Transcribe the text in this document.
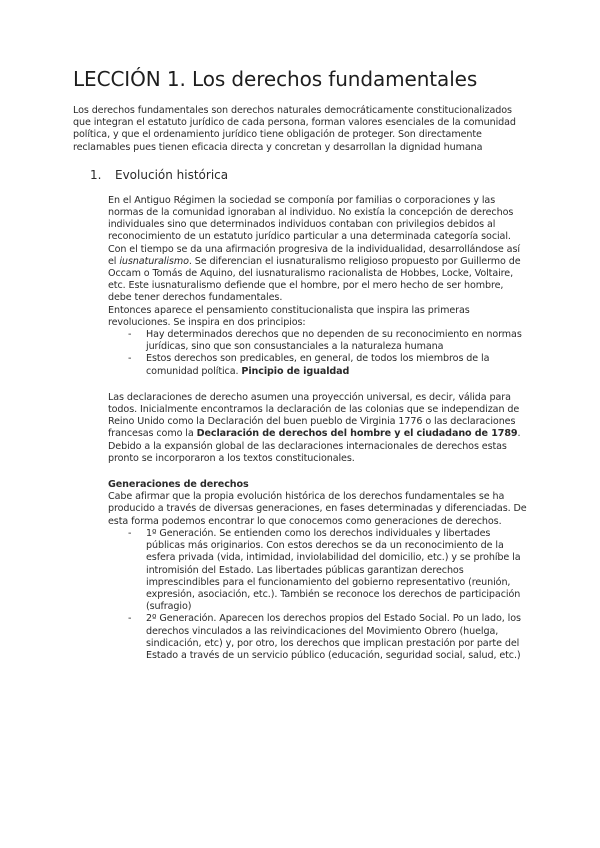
LECCIÓN 1. Los derechos fundamentales

Los derechos fundamentales son derechos naturales democráticamente constitucionalizados que integran el estatuto jurídico de cada persona, forman valores esenciales de la comunidad política, y que el ordenamiento jurídico tiene obligación de proteger. Son directamente reclamables pues tienen eficacia directa y concretan y desarrollan la dignidad humana

1.	Evolución histórica

En el Antiguo Régimen la sociedad se componía por familias o corporaciones y las normas de la comunidad ignoraban al individuo. No existía la concepción de derechos individuales sino que determinados individuos contaban con privilegios debidos al reconocimiento de un estatuto jurídico particular a una determinada categoría social.

Con el tiempo se da una afirmación progresiva de la individualidad, desarrollándose así el iusnaturalismo. Se diferencian el iusnaturalismo religioso propuesto por Guillermo de Occam o Tomás de Aquino, del iusnaturalismo racionalista de Hobbes, Locke, Voltaire, etc. Este iusnaturalismo defiende que el hombre, por el mero hecho de ser hombre, debe tener derechos fundamentales.

Entonces aparece el pensamiento constitucionalista que inspira las primeras revoluciones. Se inspira en dos principios:

- Hay determinados derechos que no dependen de su reconocimiento en normas jurídicas, sino que son consustanciales a la naturaleza humana
- Estos derechos son predicables, en general, de todos los miembros de la comunidad política. Pincipio de igualdad

Las declaraciones de derecho asumen una proyección universal, es decir, válida para todos. Inicialmente encontramos la declaración de las colonias que se independizan de Reino Unido como la Declaración del buen pueblo de Virginia 1776 o las declaraciones francesas como la Declaración de derechos del hombre y el ciudadano de 1789. Debido a la expansión global de las declaraciones internacionales de derechos estas pronto se incorporaron a los textos constitucionales.

Generaciones de derechos

Cabe afirmar que la propia evolución histórica de los derechos fundamentales se ha producido a través de diversas generaciones, en fases determinadas y diferenciadas. De esta forma podemos encontrar lo que conocemos como generaciones de derechos.

- 1º Generación. Se entienden como los derechos individuales y libertades públicas más originarios. Con estos derechos se da un reconocimiento de la esfera privada (vida, intimidad, inviolabilidad del domicilio, etc.) y se prohíbe la intromisión del Estado. Las libertades públicas garantizan derechos imprescindibles para el funcionamiento del gobierno representativo (reunión, expresión, asociación, etc.). También se reconoce los derechos de participación (sufragio)
- 2º Generación. Aparecen los derechos propios del Estado Social. Po un lado, los derechos vinculados a las reivindicaciones del Movimiento Obrero (huelga, sindicación, etc) y, por otro, los derechos que implican prestación por parte del Estado a través de un servicio público (educación, seguridad social, salud, etc.)
